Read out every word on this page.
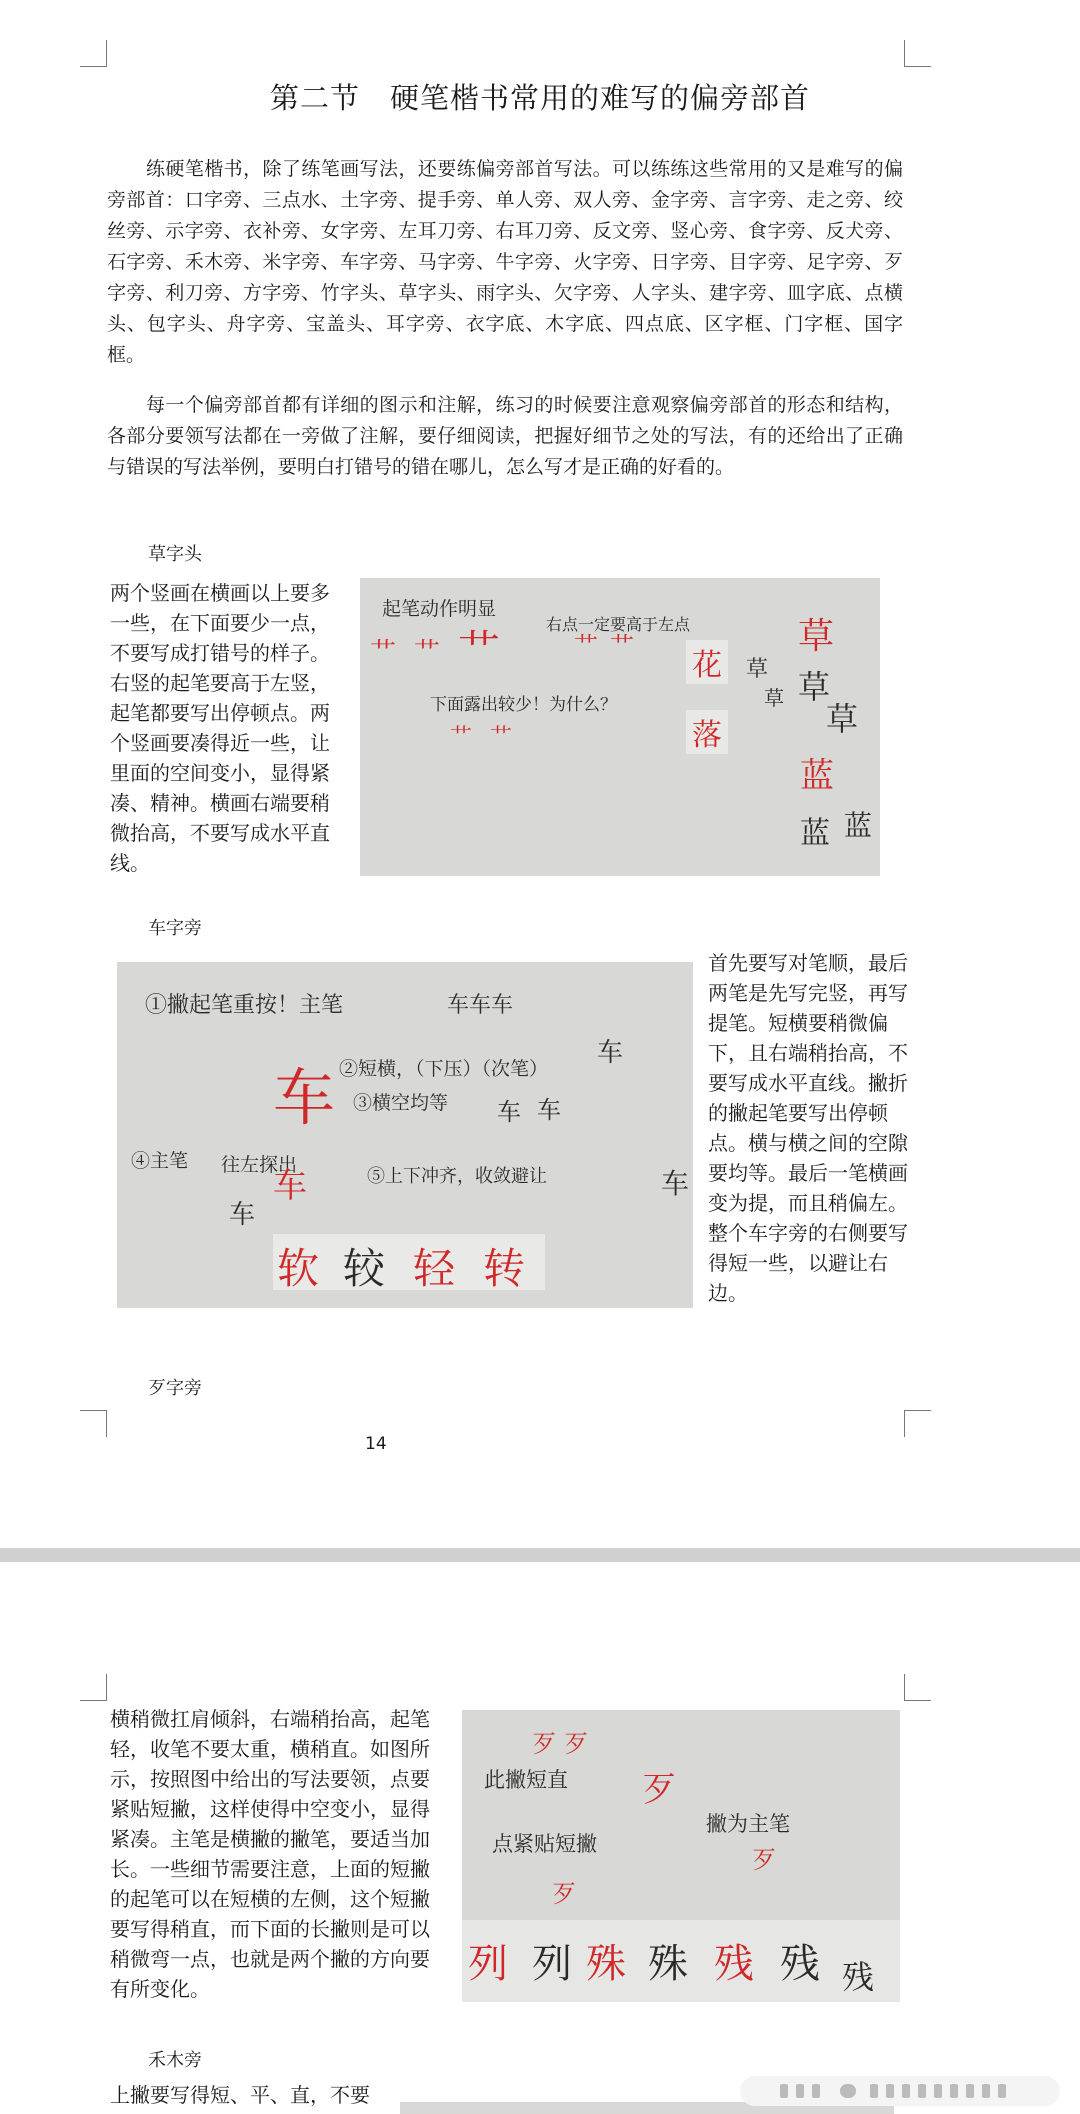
第二节　硬笔楷书常用的难写的偏旁部首

练硬笔楷书，除了练笔画写法，还要练偏旁部首写法。可以练练这些常用的又是难写的偏旁部首：口字旁、三点水、土字旁、提手旁、单人旁、双人旁、金字旁、言字旁、走之旁、绞丝旁、示字旁、衣补旁、女字旁、左耳刀旁、右耳刀旁、反文旁、竖心旁、食字旁、反犬旁、石字旁、禾木旁、米字旁、车字旁、马字旁、牛字旁、火字旁、日字旁、目字旁、足字旁、歹字旁、利刀旁、方字旁、竹字头、草字头、雨字头、欠字旁、人字头、建字旁、皿字底、点横头、包字头、舟字旁、宝盖头、耳字旁、衣字底、木字底、四点底、区字框、门字框、国字框。

每一个偏旁部首都有详细的图示和注解，练习的时候要注意观察偏旁部首的形态和结构，各部分要领写法都在一旁做了注解，要仔细阅读，把握好细节之处的写法，有的还给出了正确与错误的写法举例，要明白打错号的错在哪儿，怎么写才是正确的好看的。

草字头
两个竖画在横画以上要多一些，在下面要少一点，不要写成打错号的样子。右竖的起笔要高于左竖，起笔都要写出停顿点。两个竖画要凑得近一些，让里面的空间变小，显得紧凑、精神。横画右端要稍微抬高，不要写成水平直线。
起笔动作明显
右点一定要高于左点
艹 艹 艹	艹 艹
下面露出较少！为什么？
艹 艹
花
落
草
草
草
草
草
蓝
蓝 蓝
车字旁
①撇起笔重按！主笔	车车车
②短横，（下压）（次笔）
③横空均等
车
④主笔 往左探出
⑤上下冲齐，收敛避让
车
车
车 车
车
车
软 较 轻 转
首先要写对笔顺，最后两笔是先写完竖，再写提笔。短横要稍微偏下，且右端稍抬高，不要写成水平直线。撇折的撇起笔要写出停顿点。横与横之间的空隙要均等。最后一笔横画变为提，而且稍偏左。整个车字旁的右侧要写得短一些，以避让右边。
歹字旁
14
横稍微扛肩倾斜，右端稍抬高，起笔轻，收笔不要太重，横稍直。如图所示，按照图中给出的写法要领，点要紧贴短撇，这样使得中空变小，显得紧凑。主笔是横撇的撇笔，要适当加长。一些细节需要注意，上面的短撇的起笔可以在短横的左侧，这个短撇要写得稍直，而下面的长撇则是可以稍微弯一点，也就是两个撇的方向要有所变化。
歹歹
此撇短直 歹
撇为主笔
点紧贴短撇
歹
歹
列 列 殊 殊 残 残 残
禾木旁
上撇要写得短、平、直，不要
